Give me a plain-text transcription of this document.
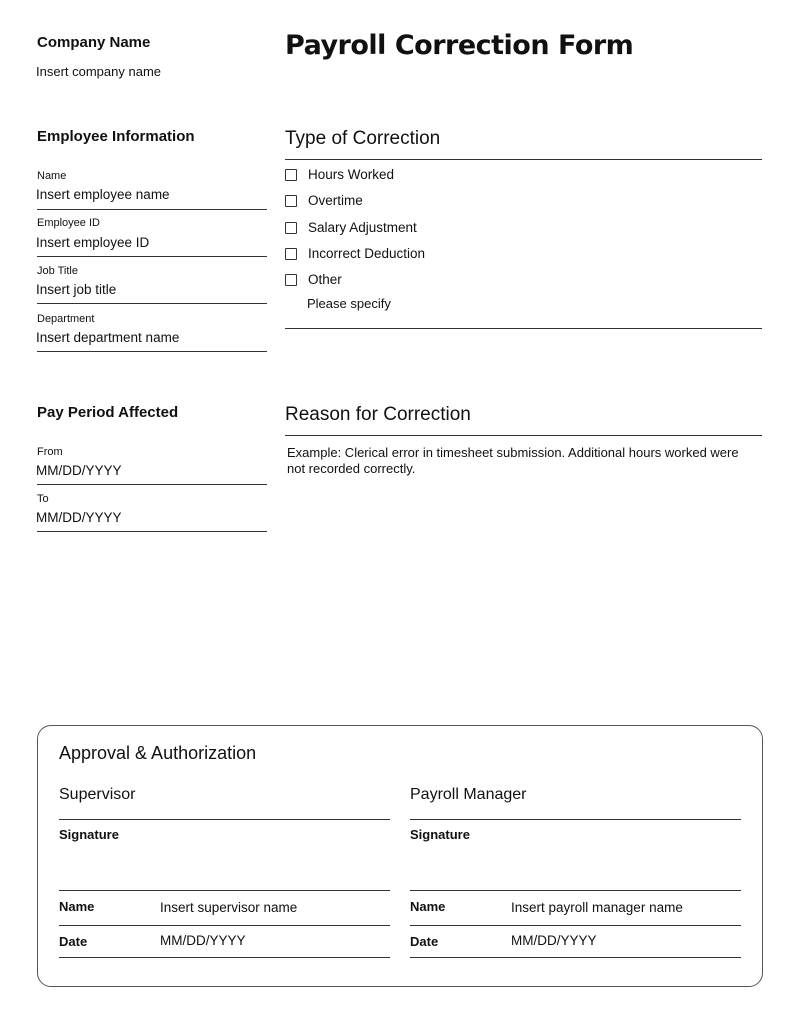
Company Name
Insert company name
Payroll Correction Form
Employee Information
Name
Insert employee name
Employee ID
Insert employee ID
Job Title
Insert job title
Department
Insert department name
Type of Correction
Hours Worked
Overtime
Salary Adjustment
Incorrect Deduction
Other
Please specify
Pay Period Affected
From
MM/DD/YYYY
To
MM/DD/YYYY
Reason for Correction
Example: Clerical error in timesheet submission. Additional hours worked were not recorded correctly.
Approval & Authorization
Supervisor
Signature
Name	Insert supervisor name
Date	MM/DD/YYYY
Payroll Manager
Signature
Name	Insert payroll manager name
Date	MM/DD/YYYY
